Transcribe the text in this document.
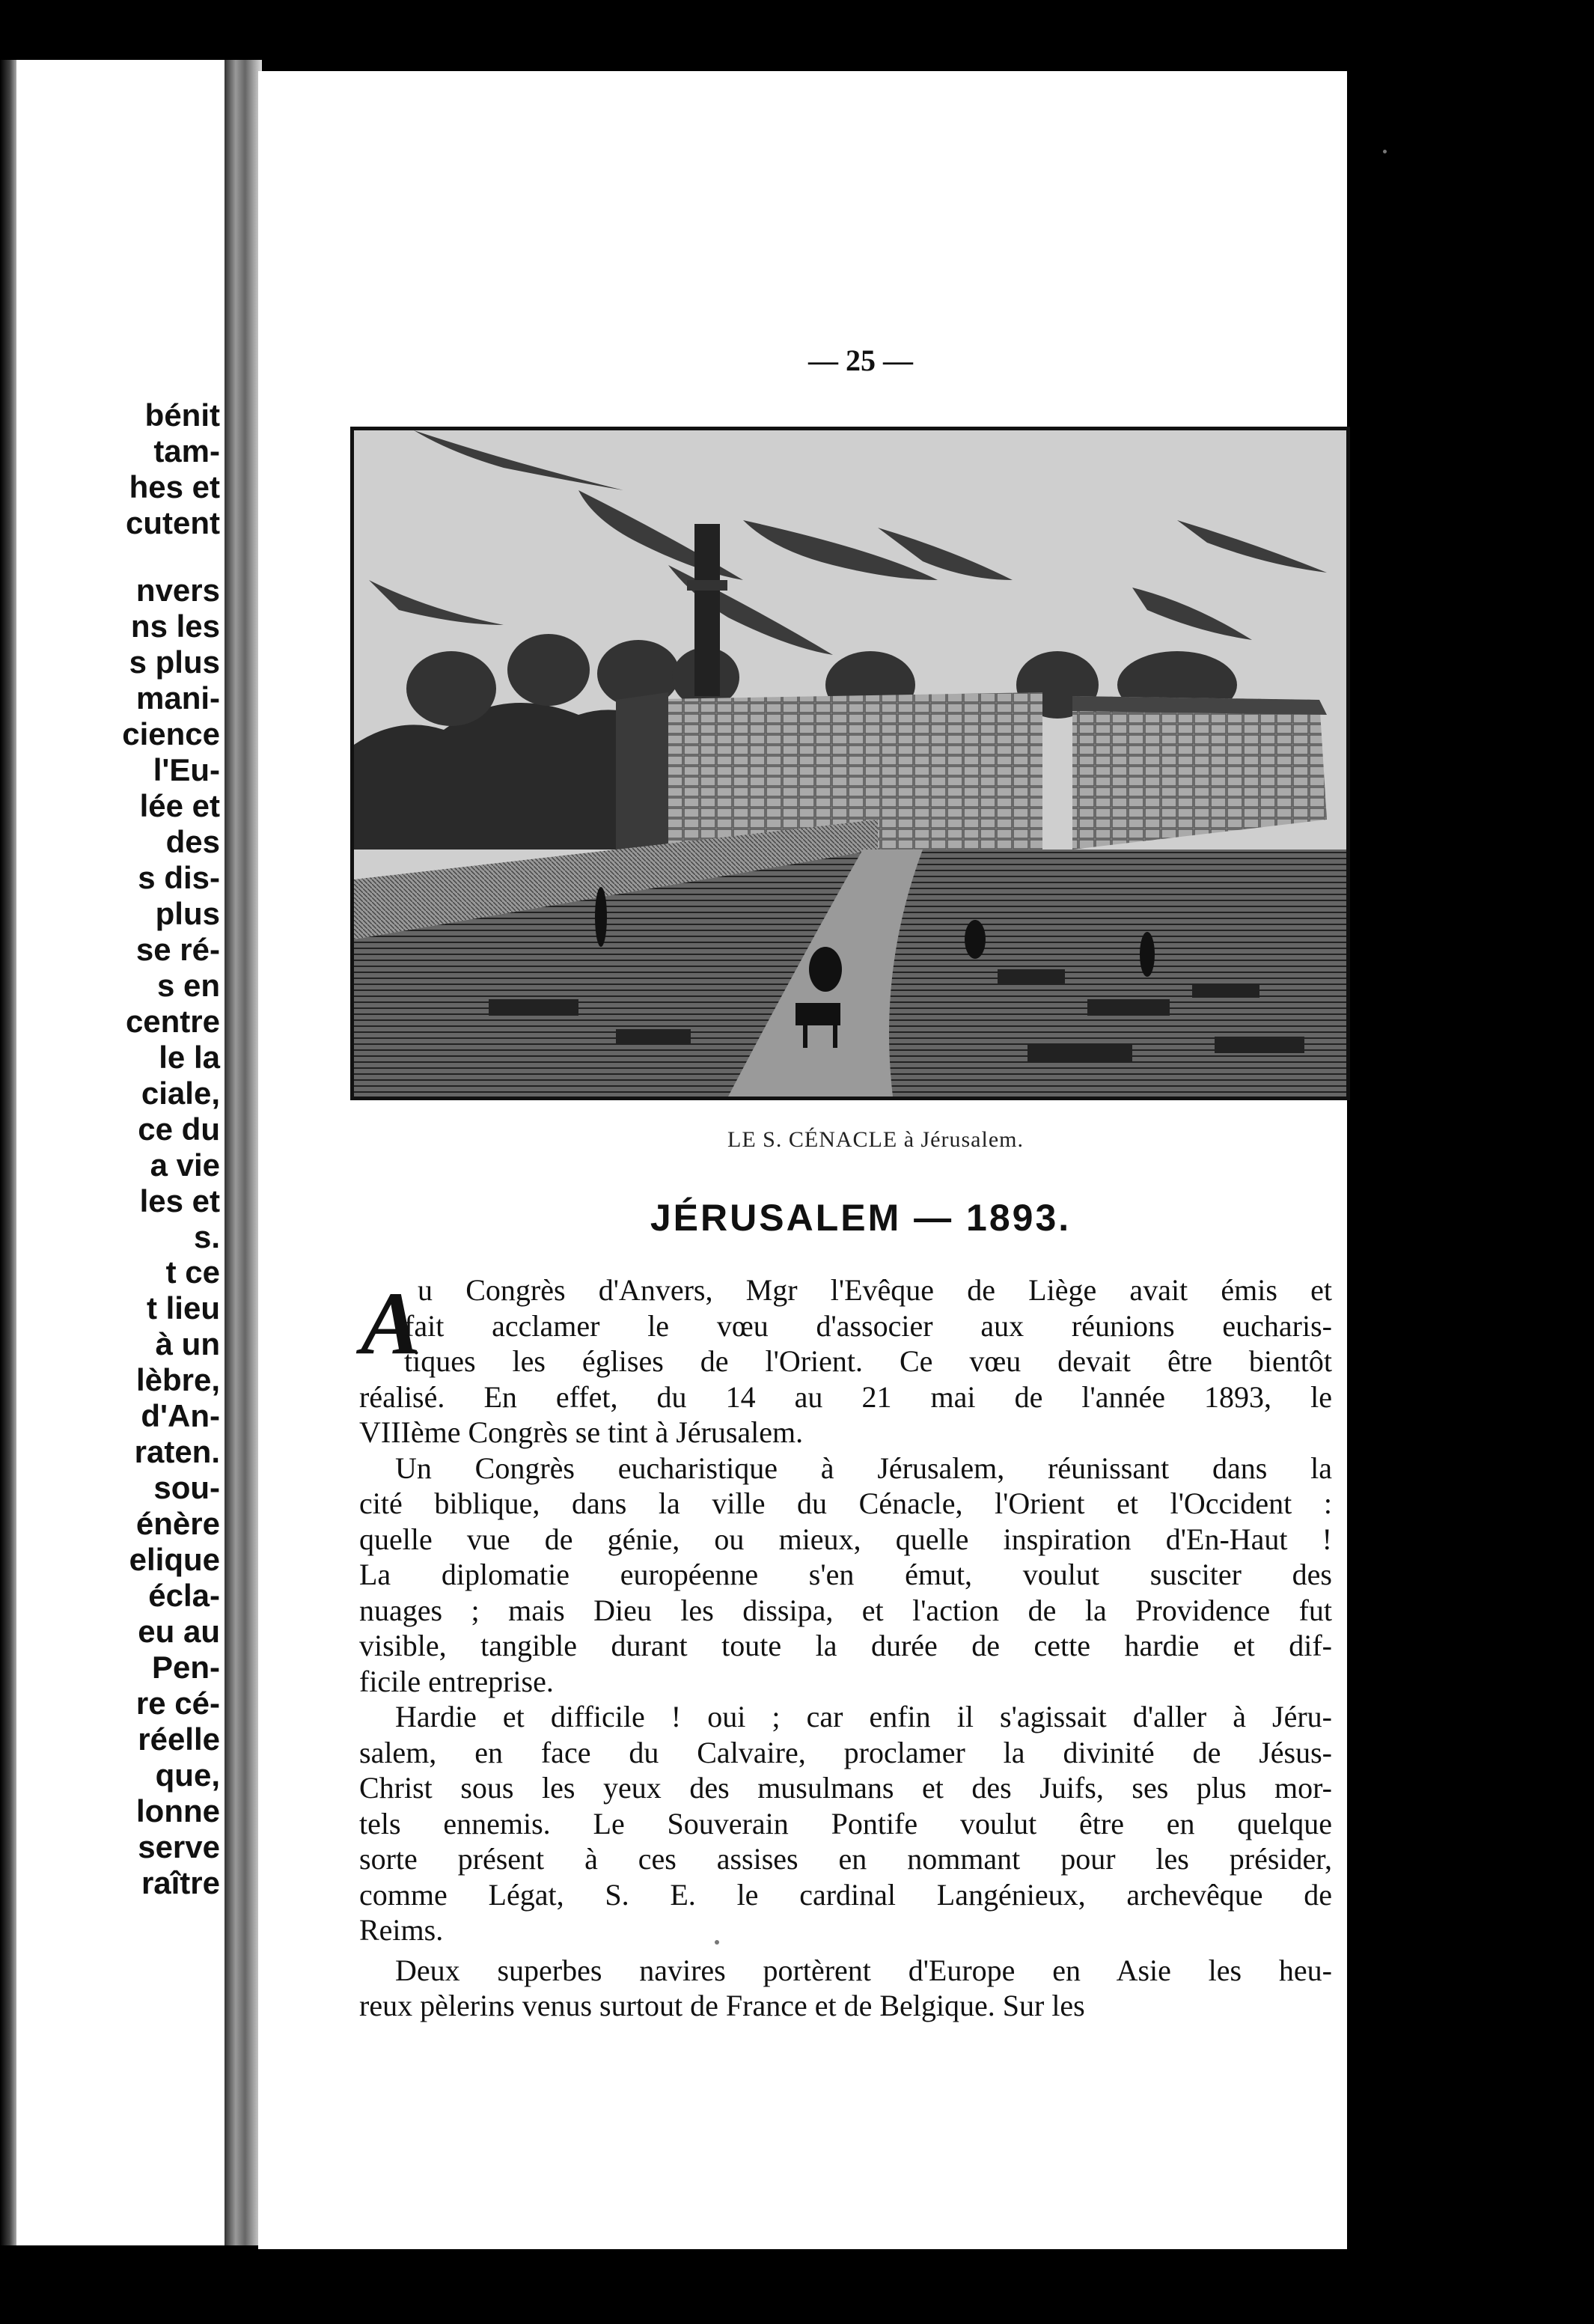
bénit
tam-
hes et
cutent
nvers
ns les
s plus
mani-
cience
l'Eu-
lée et
des
s dis-
plus
se ré-
s en
centre
le la
ciale,
ce du
a vie
les et
s.
t ce
t lieu
à un
lèbre,
d'An-
raten.
sou-
énère
elique
écla-
eu au
Pen-
re cé-
réelle
que,
lonne
serve
raître
— 25 —
LE S. CÉNACLE à Jérusalem.
JÉRUSALEM — 1893.
A
u Congrès d'Anvers, Mgr l'Evêque de Liège avait émis et
fait acclamer le vœu d'associer aux réunions eucharis-
tiques les églises de l'Orient. Ce vœu devait être bientôt
réalisé. En effet, du 14 au 21 mai de l'année 1893, le
VIIIème Congrès se tint à Jérusalem.
Un Congrès eucharistique à Jérusalem, réunissant dans la
cité biblique, dans la ville du Cénacle, l'Orient et l'Occident :
quelle vue de génie, ou mieux, quelle inspiration d'En-Haut !
La diplomatie européenne s'en émut, voulut susciter des
nuages ; mais Dieu les dissipa, et l'action de la Providence fut
visible, tangible durant toute la durée de cette hardie et dif-
ficile entreprise.
Hardie et difficile ! oui ; car enfin il s'agissait d'aller à Jéru-
salem, en face du Calvaire, proclamer la divinité de Jésus-
Christ sous les yeux des musulmans et des Juifs, ses plus mor-
tels ennemis. Le Souverain Pontife voulut être en quelque
sorte présent à ces assises en nommant pour les présider,
comme Légat, S. E. le cardinal Langénieux, archevêque de
Reims.
Deux superbes navires portèrent d'Europe en Asie les heu-
reux pèlerins venus surtout de France et de Belgique. Sur les
